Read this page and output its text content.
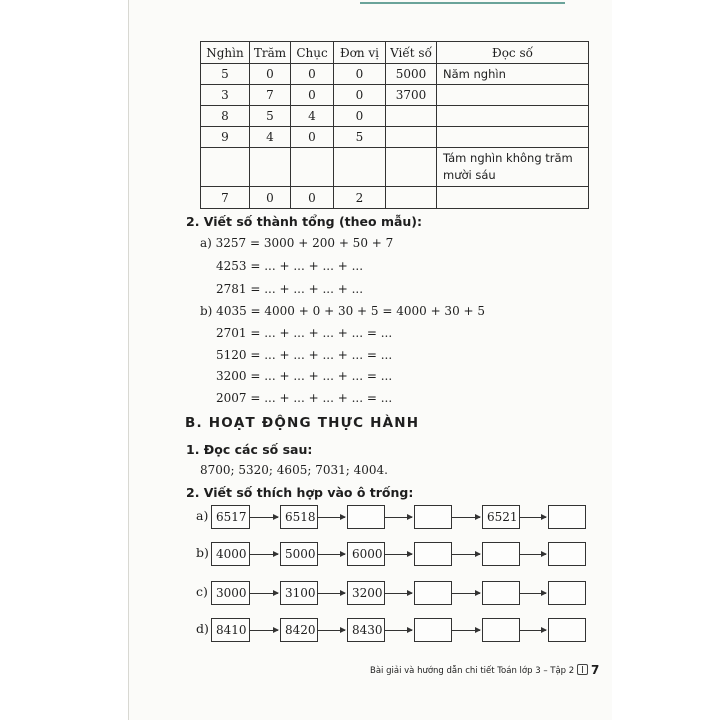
Nghìn	Trăm	Chục	Đơn vị	Viết số	Đọc số
5	0	0	0	5000	Năm nghìn
3	7	0	0	3700	
8	5	4	0		
9	4	0	5		
					Tám nghìn không trăm mười sáu
7	0	0	2		
2. Viết số thành tổng (theo mẫu):
a) 3257 = 3000 + 200 + 50 + 7
4253 = ... + ... + ... + ...
2781 = ... + ... + ... + ...
b) 4035 = 4000 + 0 + 30 + 5 = 4000 + 30 + 5
2701 = ... + ... + ... + ... = ...
5120 = ... + ... + ... + ... = ...
3200 = ... + ... + ... + ... = ...
2007 = ... + ... + ... + ... = ...
B. HOẠT ĐỘNG THỰC HÀNH
1. Đọc các số sau:
8700; 5320; 4605; 7031; 4004.
2. Viết số thích hợp vào ô trống:
a) 6517	6518	6521
b) 4000	5000	6000
c) 3000	3100	3200
d) 8410	8420	8430
Bài giải và hướng dẫn chi tiết Toán lớp 3 – Tập 2 7
